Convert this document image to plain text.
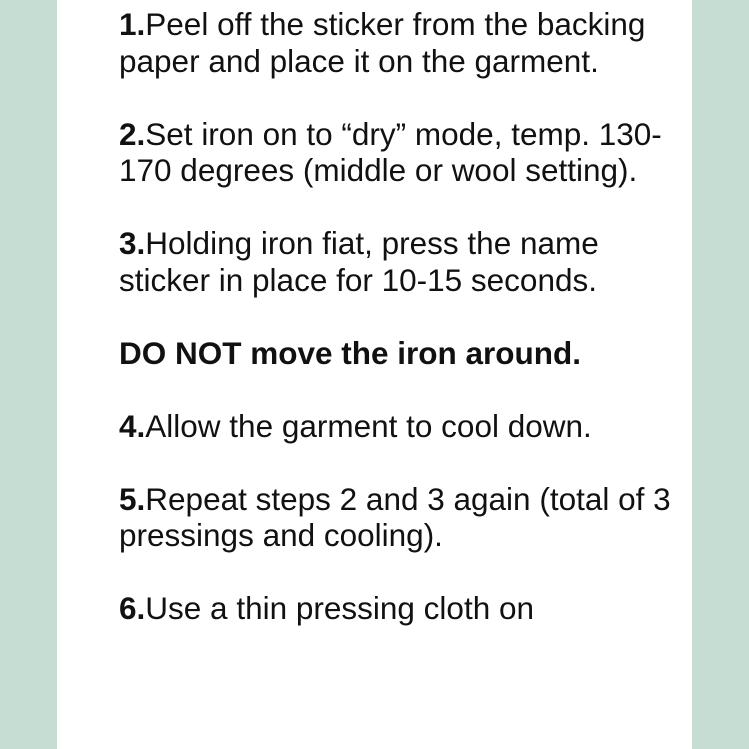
1.Peel off the sticker from the backing paper and place it on the garment.

2.Set iron on to “dry” mode, temp. 130-170 degrees (middle or wool setting).

3.Holding iron fiat, press the name sticker in place for 10-15 seconds.

DO NOT move the iron around.

4.Allow the garment to cool down.

5.Repeat steps 2 and 3 again (total of 3 pressings and cooling).

6.Use a thin pressing cloth on
